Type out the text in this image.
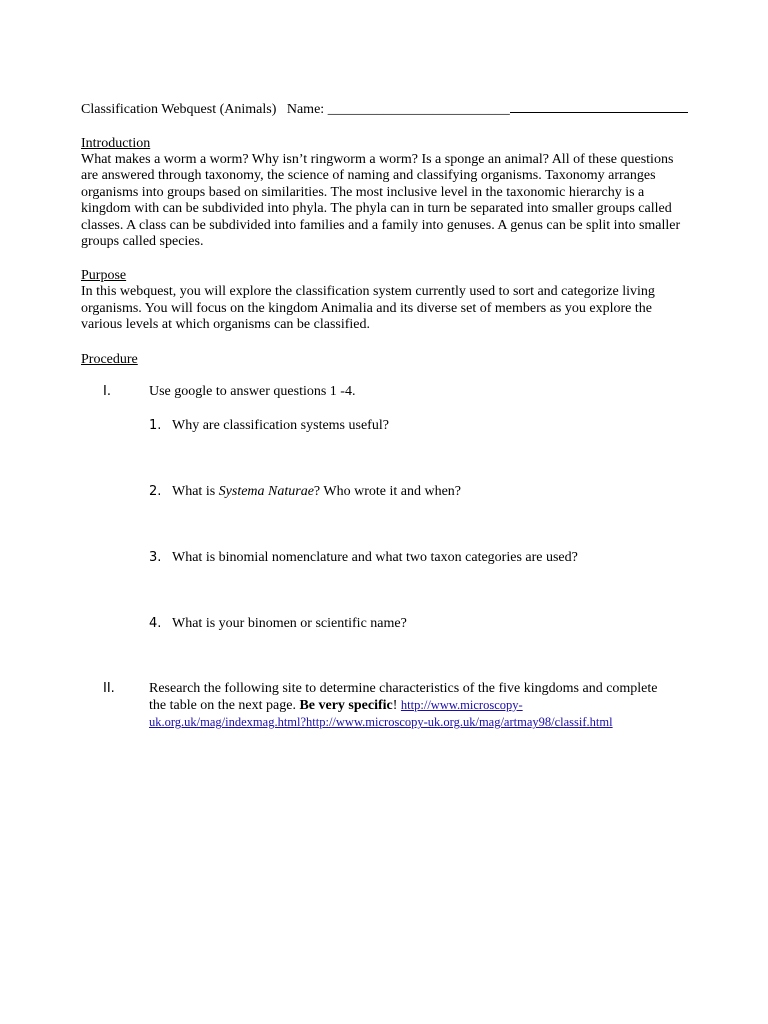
Classification Webquest (Animals) Name: __________________________
Introduction

What makes a worm a worm? Why isn’t ringworm a worm? Is a sponge an animal? All of these questions are answered through taxonomy, the science of naming and classifying organisms. Taxonomy arranges organisms into groups based on similarities. The most inclusive level in the taxonomic hierarchy is a kingdom with can be subdivided into phyla. The phyla can in turn be separated into smaller groups called classes. A class can be subdivided into families and a family into genuses. A genus can be split into smaller groups called species.

Purpose

In this webquest, you will explore the classification system currently used to sort and categorize living organisms. You will focus on the kingdom Animalia and its diverse set of members as you explore the various levels at which organisms can be classified.

Procedure
I.	Use google to answer questions 1 -4.
1. Why are classification systems useful?
2. What is Systema Naturae? Who wrote it and when?
3. What is binomial nomenclature and what two taxon categories are used?
4. What is your binomen or scientific name?
II. Research the following site to determine characteristics of the five kingdoms and complete the table on the next page. Be very specific! http://www.microscopy-uk.org.uk/mag/indexmag.html?http://www.microscopy-uk.org.uk/mag/artmay98/classif.html
